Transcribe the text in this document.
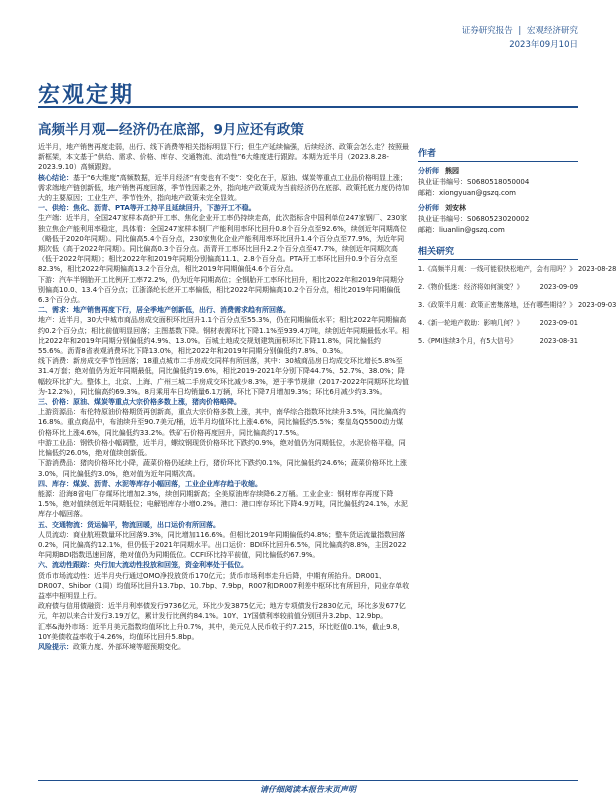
证券研究报告 | 宏观经济研究
2023年09月10日
宏观定期
高频半月观—经济仍在底部，9月应还有政策

近半月，地产销售再度走弱，出行、线下消费等相关指标明显下行；但生产延续偏强，后续经济、政策会怎么走？按照最新框架，本文基于“供给、需求、价格、库存、交通物流、流动性”6大维度进行跟踪。本期为近半月（2023.8.28-2023.9.10）高频跟踪。

核心结论：基于“6大维度”高频数据，近半月经济“有变也有不变”：变化在于，原油、煤炭等重点工业品价格明显上涨；需求端地产链创新低，地产销售再度回落，季节性因素之外，指向地产政策成为当前经济仍在底部、政策托底力度仍待加大的主要原因；工业生产、季节性外，指向地产政策未完全显效。

一、供给：焦化、沥青、PTA等开工持平且延续回升，下游开工不稳。

生产端：近半月，全国247家样本高炉开工率、焦化企业开工率仍持续走高，此次指标含中国利单位247家钢厂、230家独立焦企产能利用率稳定，具体看：全国247家样本钢厂产能利用率环比回升0.8个百分点至92.6%，续创近年同期高位（略低于2020年同期）。同比偏高5.4个百分点，230家焦化企业产能利用率环比回升1.4个百分点至77.9%，为近年同期次低（高于2022年同期）。同比偏高0.3个百分点。沥青开工率环比回升2.2个百分点至47.7%，续创近年同期次高（低于2022年同期）；相比2022年和2019年同期分别偏高11.1、2.8个百分点。PTA开工率环比回升0.9个百分点至82.3%，相比2022年同期偏高13.2个百分点，相比2019年同期偏低4.6个百分点。

下游：汽车半钢胎开工比例开工率72.2%，仍为近年同期高位；全钢胎开工率环比回升，相比2022年和2019年同期分别偏高10.0、13.4个百分点；江浙涤纶长丝开工率偏低，相比2022年同期偏高10.2个百分点，相比2019年同期偏低6.3个百分点。

二、需求：地产销售再度下行，居全季地产创新低，出行、消费需求趋有所回落。

地产：近半月，30大中城市商品房成交面积环比回升1.1个百分点至55.3%，仍在同期偏低水平；相比2022年同期偏高约0.2个百分点；相比前值明显回落；主图基数下降。钢材表需环比下降1.1%至939.4万吨，续创近年同期最低水平。相比2022年和2019年同期分别偏低约4.9%、13.0%。百城土地成交规划建筑面积环比下降11.8%，同比偏低约55.6%。沥青8省表观消费环比下降13.0%，相比2022年和2019年同期分别偏低约7.8%、0.3%。

线下消费：新房成交季节性回落；18重点城市二手房成交同样有所回落，其中：30城商品房日均成交环比增长5.8%至31.4万套；绝对值仍为近年同期最低，同比偏低约19.6%，相比2019-2021年分别下降44.7%、52.7%、38.0%；降幅较环比扩大。整体上，北京、上海、广州三城二手房成交环比减少8.3%，逆于季节规律（2017-2022年同期环比均值为-12.2%），同比偏高约69.3%。8月乘用车日均销量6.1万辆，环比下降7月增加9.3%；环比6月减少约3.3%。

三、价格：原油、煤炭等重点大宗价格多数上涨，猪肉价格略降。

上游资源品：布伦特原油价格期货再创新高，重点大宗价格多数上涨，其中，南华综合指数环比续升3.5%，同比偏高约16.8%。重点商品中，布油续升至90.7美元/桶，近半月均值环比上涨4.6%，同比偏低约5.5%；秦皇岛Q5500动力煤价格环比上涨4.6%，同比偏低约33.2%。铁矿石价格再度回升，同比偏高约17.5%。

中游工业品：钢铁价格小幅调整，近半月，螺纹钢现货价格环比下跌约0.9%，绝对值仍为同期低位，水泥价格平稳，同比偏低约26.0%，绝对值续创新低。

下游消费品：猪肉价格环比小降，蔬菜价格仍延续上行，猪价环比下跌约0.1%，同比偏低约24.6%；蔬菜价格环比上涨3.0%，同比偏低约3.0%，绝对值为近年同期次高。

四、库存：煤炭、沥青、水泥等库存小幅回落，工业企业库存趋于收缩。

能源：沿海8省电厂存煤环比增加2.3%，续创同期新高；全美原油库存续降6.2万桶。工业企业：钢材库存再度下降1.5%，绝对值续创近年同期低位；电解铝库存小增0.2%。港口：港口库存环比下降4.9万吨，同比偏低约24.1%，水泥库存小幅回落。

五、交通物流：货运偏平，物流回暖，出口运价有所回落。

人员流动：商业航班数量环比回落9.3%，同比增加116.6%。但相比2019年同期偏低约4.8%；整车货运流量指数回落0.2%，同比偏高约12.1%，但仍低于2021年同期水平。出口运价：BDI环比回升6.5%，同比偏高约8.8%，主因2022年同期BDI指数迅速回落，绝对值仍为同期低位。CCFI环比持平前值，同比偏低约67.9%。

六、流动性跟踪：央行加大流动性投放和回笼，资金利率处于低位。

货币市场流动性：近半月央行通过OMO净投放货币170亿元；货币市场利率走升后降，中期有所抬升。DR001、DR007、Shibor（1周）均值环比回升13.7bp、10.7bp、7.9bp，R007和DR007利差中枢环比有所回升，同业存单收益率中枢明显上行。

政府债与信用债融资：近半月利率债发行9736亿元，环比少发3875亿元；地方专项债发行2830亿元，环比多发677亿元，年初以来合计发行3.19万亿，累计发行比例约84.1%。10Y、1Y国债利率较前值分别回升3.2bp、12.9bp。

汇率&海外市场：近半月美元指数均值环比上升0.7%，其中，美元兑人民币收于约7.215，环比贬值0.1%，截止9.8，10Y美债收益率收于4.26%，均值环比回升5.8bp。

风险提示：政策力度、外部环境等超预期变化。

作者
分析师 熊园
执业证书编号：S0680518050004
邮箱：xiongyuan@gszq.com
分析师 刘安林
执业证书编号：S0680523020002
邮箱：liuanlin@gszq.com
相关研究
1.《高频半月观：一线可能很快松地产，会有用吗？》 2023-08-28
2.《物价低迷：经济将如何演变？》	2023-09-09
3.《政策半月观：政策正密集落地，还有哪些期待？》 2023-09-03
4.《新一轮地产救助：影响几何？》	2023-09-01
5.《PMI连续3个月，有5大信号》	2023-08-31
请仔细阅读本报告末页声明
